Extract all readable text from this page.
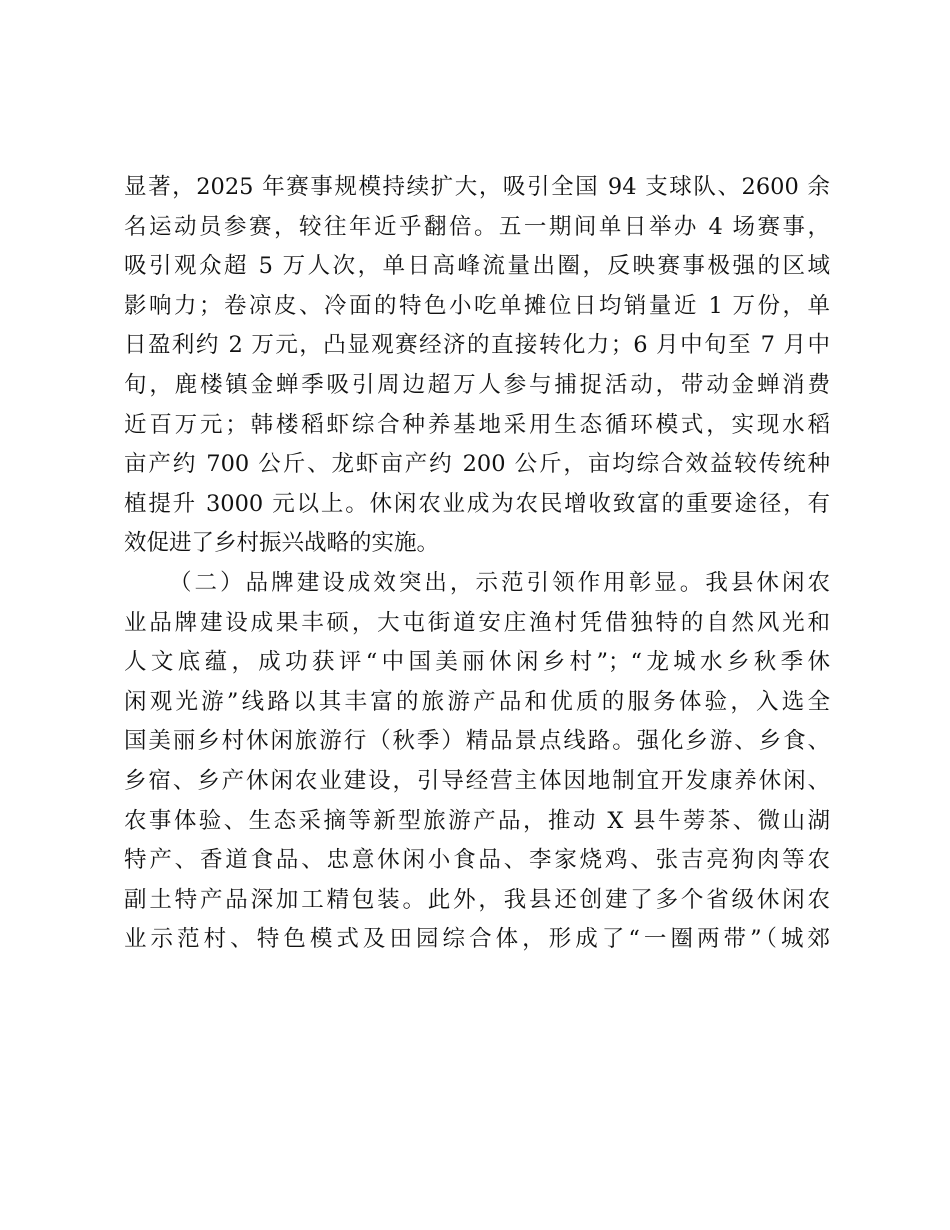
显著，2025 年赛事规模持续扩大，吸引全国 94 支球队、2600 余
名运动员参赛，较往年近乎翻倍。五一期间单日举办 4 场赛事，
吸引观众超 5 万人次，单日高峰流量出圈，反映赛事极强的区域
影响力；卷凉皮、冷面的特色小吃单摊位日均销量近 1 万份，单
日盈利约 2 万元，凸显观赛经济的直接转化力；6 月中旬至 7 月中
旬，鹿楼镇金蝉季吸引周边超万人参与捕捉活动，带动金蝉消费
近百万元；韩楼稻虾综合种养基地采用生态循环模式，实现水稻
亩产约 700 公斤、龙虾亩产约 200 公斤，亩均综合效益较传统种
植提升 3000 元以上。休闲农业成为农民增收致富的重要途径，有
效促进了乡村振兴战略的实施。
（二）品牌建设成效突出，示范引领作用彰显。我县休闲农
业品牌建设成果丰硕，大屯街道安庄渔村凭借独特的自然风光和
人文底蕴，成功获评“中国美丽休闲乡村”；“龙城水乡秋季休
闲观光游”线路以其丰富的旅游产品和优质的服务体验，入选全
国美丽乡村休闲旅游行（秋季）精品景点线路。强化乡游、乡食、
乡宿、乡产休闲农业建设，引导经营主体因地制宜开发康养休闲、
农事体验、生态采摘等新型旅游产品，推动 X 县牛蒡茶、微山湖
特产、香道食品、忠意休闲小食品、李家烧鸡、张吉亮狗肉等农
副土特产品深加工精包装。此外，我县还创建了多个省级休闲农
业示范村、特色模式及田园综合体，形成了“一圈两带”（城郊
